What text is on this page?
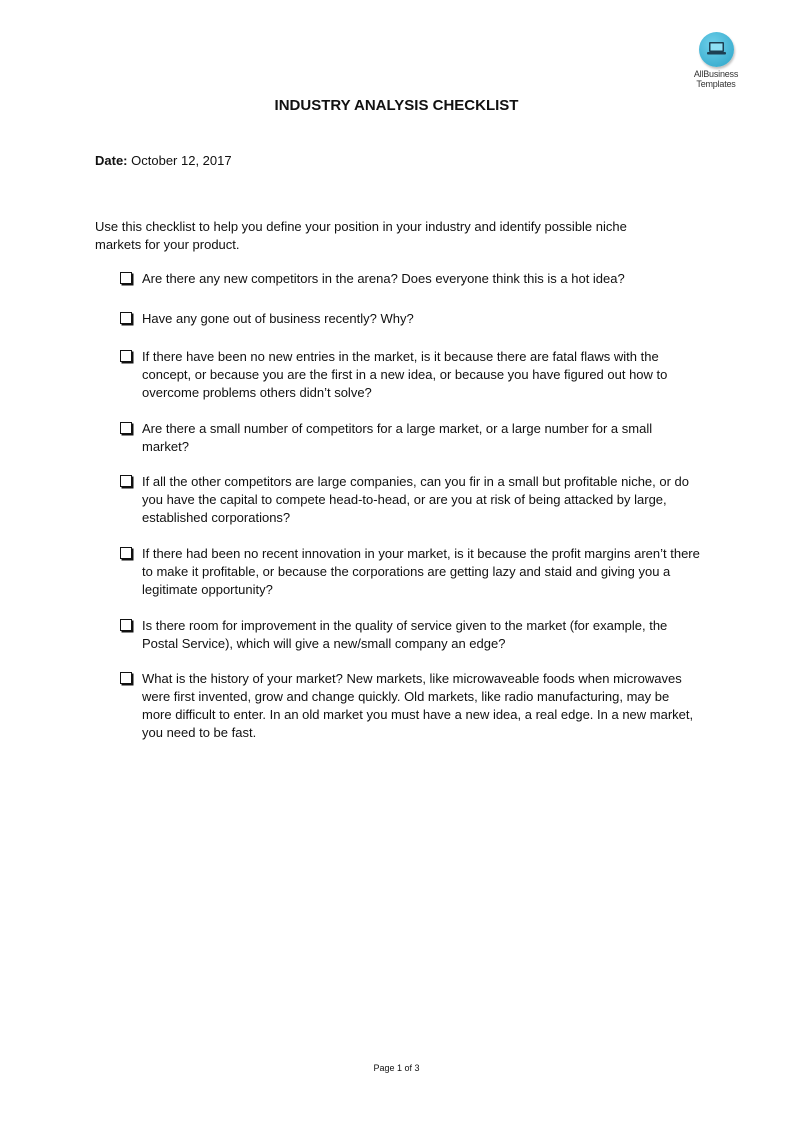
AllBusiness
Templates
INDUSTRY ANALYSIS CHECKLIST
Date: October 12, 2017
Use this checklist to help you define your position in your industry and identify possible niche markets for your product.
Are there any new competitors in the arena? Does everyone think this is a hot idea?
Have any gone out of business recently? Why?
If there have been no new entries in the market, is it because there are fatal flaws with the concept, or because you are the first in a new idea, or because you have figured out how to overcome problems others didn’t solve?
Are there a small number of competitors for a large market, or a large number for a small market?
If all the other competitors are large companies, can you fir in a small but profitable niche, or do you have the capital to compete head-to-head, or are you at risk of being attacked by large, established corporations?
If there had been no recent innovation in your market, is it because the profit margins aren’t there to make it profitable, or because the corporations are getting lazy and staid and giving you a legitimate opportunity?
Is there room for improvement in the quality of service given to the market (for example, the Postal Service), which will give a new/small company an edge?
What is the history of your market? New markets, like microwaveable foods when microwaves were first invented, grow and change quickly. Old markets, like radio manufacturing, may be more difficult to enter. In an old market you must have a new idea, a real edge. In a new market, you need to be fast.
Page 1 of 3
